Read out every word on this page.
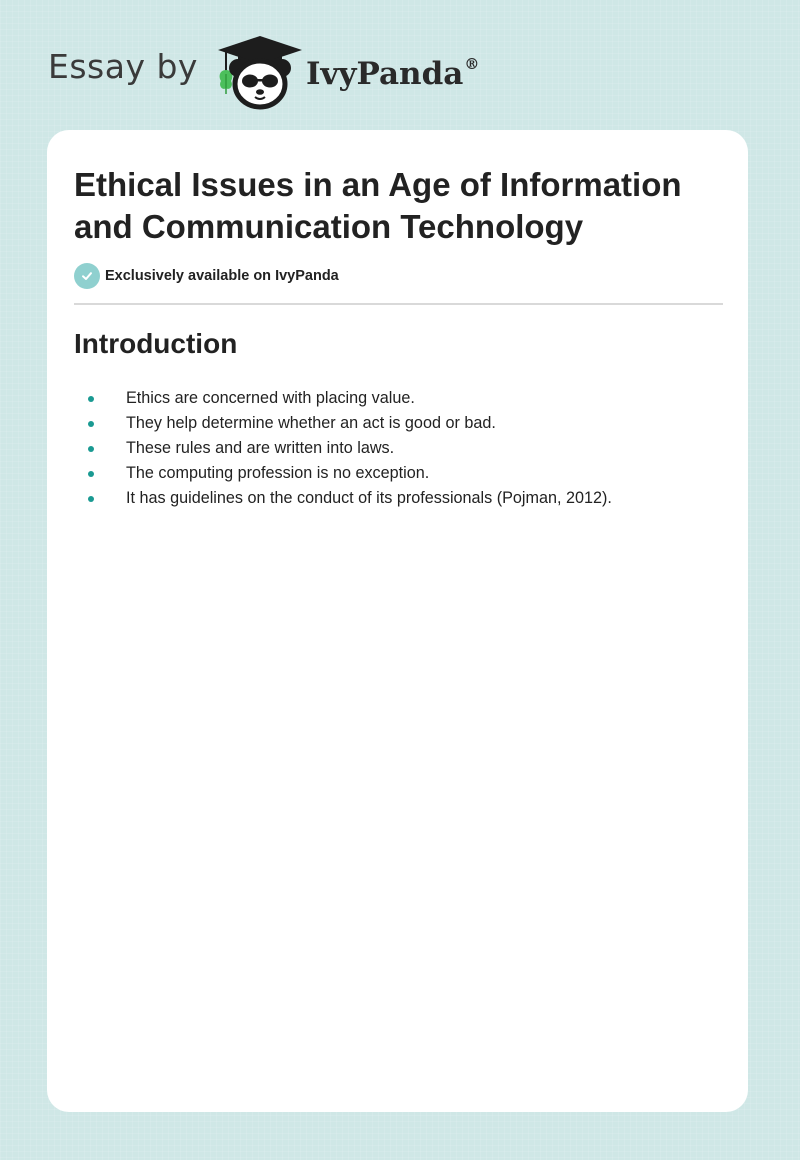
Essay by	IvyPanda®
Ethical Issues in an Age of Information and Communication Technology
Exclusively available on IvyPanda
Introduction
Ethics are concerned with placing value.
They help determine whether an act is good or bad.
These rules and are written into laws.
The computing profession is no exception.
It has guidelines on the conduct of its professionals (Pojman, 2012).
